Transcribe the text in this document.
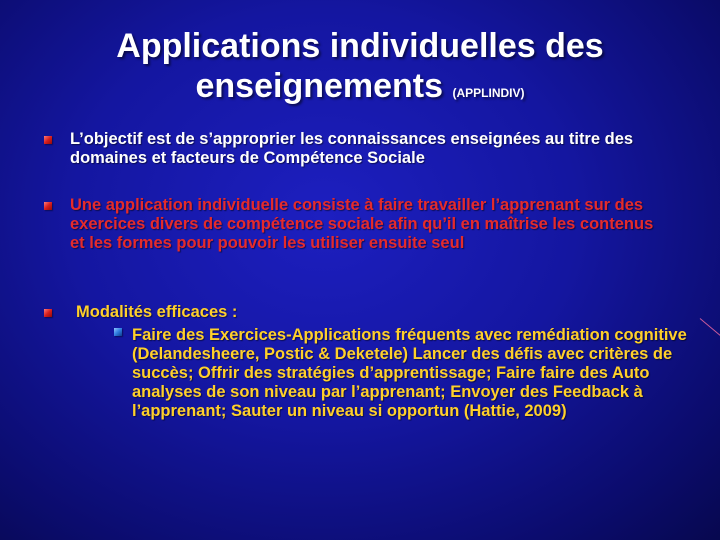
Applications individuelles des enseignements (APPLINDIV)
L’objectif est de s’approprier les connaissances enseignées au titre des domaines et facteurs de Compétence Sociale
Une application individuelle consiste à faire travailler l’apprenant sur des exercices divers de compétence sociale afin qu’il en maîtrise les contenus et les formes pour pouvoir les utiliser ensuite seul
Modalités efficaces :
Faire des Exercices-Applications fréquents avec remédiation cognitive (Delandesheere, Postic & Deketele) Lancer des défis avec critères de succès; Offrir des stratégies d’apprentissage; Faire faire des Auto analyses de son niveau par l’apprenant; Envoyer des Feedback à l’apprenant; Sauter un niveau si opportun (Hattie, 2009)
